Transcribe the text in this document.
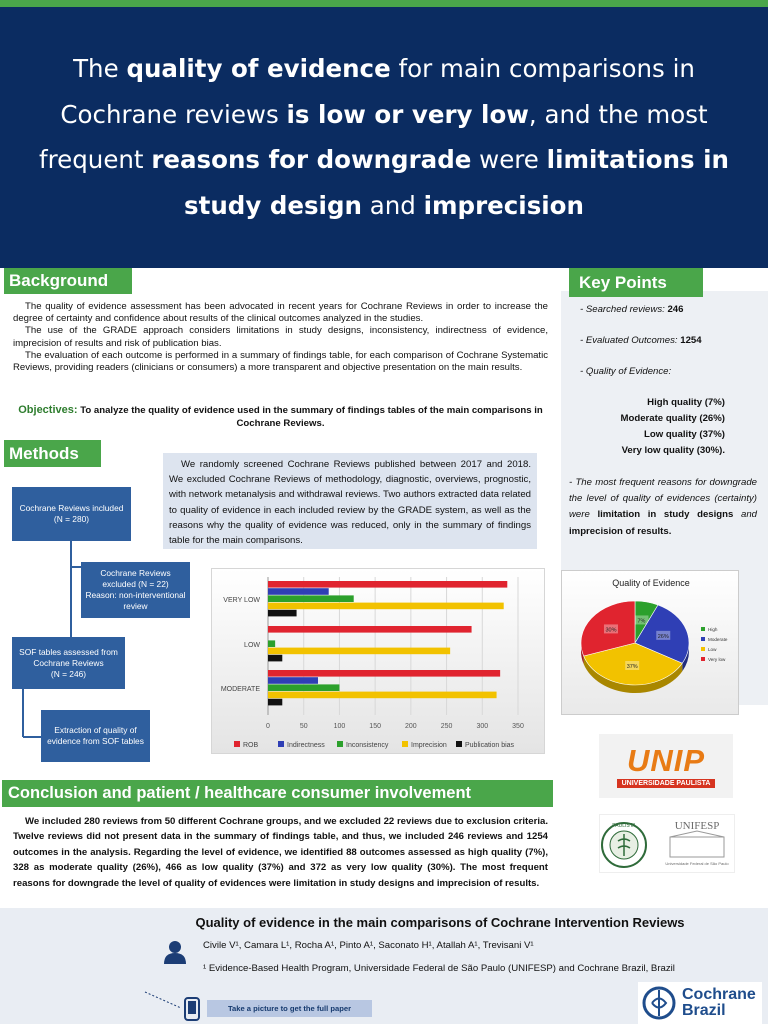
The quality of evidence for main comparisons in Cochrane reviews is low or very low, and the most frequent reasons for downgrade were limitations in study design and imprecision
Background

The quality of evidence assessment has been advocated in recent years for Cochrane Reviews in order to increase the degree of certainty and confidence about results of the clinical outcomes analyzed in the studies.

The use of the GRADE approach considers limitations in study designs, inconsistency, indirectness of evidence, imprecision of results and risk of publication bias.

The evaluation of each outcome is performed in a summary of findings table, for each comparison of Cochrane Systematic Reviews, providing readers (clinicians or consumers) a more transparent and objective presentation on the main results.

Objectives: To analyze the quality of evidence used in the summary of findings tables of the main comparisons in Cochrane Reviews.
Methods

We randomly screened Cochrane Reviews published between 2017 and 2018. We excluded Cochrane Reviews of methodology, diagnostic, overviews, prognostic, with network metanalysis and withdrawal reviews. Two authors extracted data related to quality of evidence in each included review by the GRADE system, as well as the reasons why the quality of evidence was reduced, only in the summary of findings table for the main comparisons.

Cochrane Reviews included
(N = 280)
Cochrane Reviews excluded (N = 22)
Reason: non-interventional review
SOF tables assessed from Cochrane Reviews
(N = 246)
Extraction of quality of evidence from SOF tables
0	50	100	150	200	250	300	350
VERY LOW
LOW
MODERATE
ROB	Indirectness	Inconsistency	Imprecision	Publication bias
Key Points
- Searched reviews: 246
- Evaluated Outcomes: 1254
- Quality of Evidence:
High quality (7%)
Moderate quality (26%)
Low quality (37%)
Very low quality (30%).
- The most frequent reasons for downgrade the level of quality of evidences (certainty) were limitation in study designs and imprecision of results.
Quality of Evidence
7%
26%
37%
30%	High
Moderate
Low
Very low
UNIP
UNIVERSIDADE PAULISTA
PAULISTA	UNIFESP
Universidade Federal de São Paulo
Conclusion and patient / healthcare consumer involvement

We included 280 reviews from 50 different Cochrane groups, and we excluded 22 reviews due to exclusion criteria. Twelve reviews did not present data in the summary of findings table, and thus, we included 246 reviews and 1254 outcomes in the analysis. Regarding the level of evidence, we identified 88 outcomes assessed as high quality (7%), 328 as moderate quality (26%), 466 as low quality (37%) and 372 as very low quality (30%). The most frequent reasons for downgrade the level of quality of evidences were limitation in study designs and imprecision of results.

Quality of evidence in the main comparisons of Cochrane Intervention Reviews
Civile V¹, Camara L¹, Rocha A¹, Pinto A¹, Saconato H¹, Atallah A¹, Trevisani V¹
¹ Evidence-Based Health Program, Universidade Federal de São Paulo (UNIFESP) and Cochrane Brazil, Brazil
Take a picture to get the full paper
Cochrane
Brazil
